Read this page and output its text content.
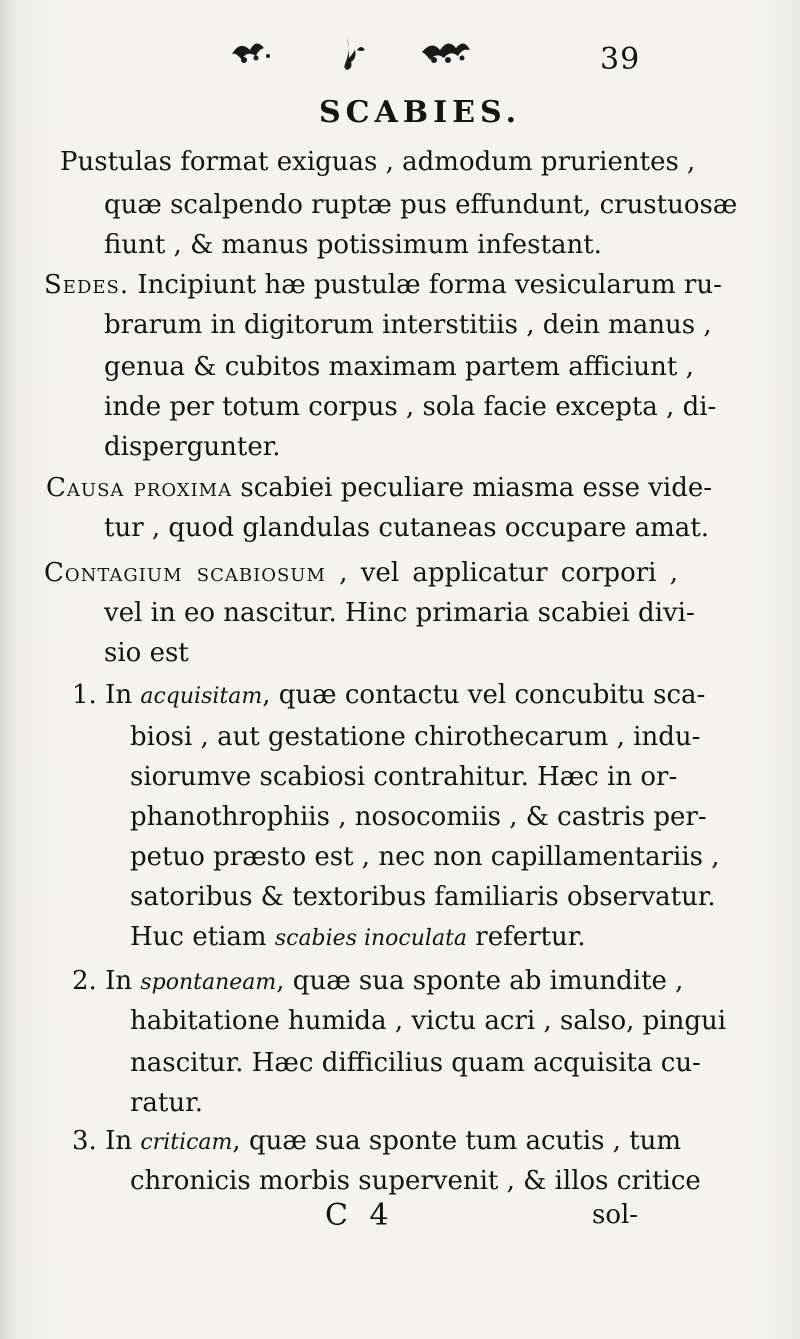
39
SCABIES.
Pustulas format exiguas , admodum prurientes ,
quæ scalpendo ruptæ pus effundunt, crustuosæ
fiunt , & manus potissimum infestant.
Sedes. Incipiunt hæ pustulæ forma vesicularum ru-
brarum in digitorum interstitiis , dein manus ,
genua & cubitos maximam partem afficiunt ,
inde per totum corpus , sola facie excepta , di-
dispergunter.
Causa proxima scabiei peculiare miasma esse vide-
tur , quod glandulas cutaneas occupare amat.
Contagium scabiosum , vel applicatur corpori ,
vel in eo nascitur. Hinc primaria scabiei divi-
sio est
1. In acquisitam, quæ contactu vel concubitu sca-
biosi , aut gestatione chirothecarum , indu-
siorumve scabiosi contrahitur. Hæc in or-
phanothrophiis , nosocomiis , & castris per-
petuo præsto est , nec non capillamentariis ,
satoribus & textoribus familiaris observatur.
Huc etiam scabies inoculata refertur.
2. In spontaneam, quæ sua sponte ab imundite ,
habitatione humida , victu acri , salso, pingui
nascitur. Hæc difficilius quam acquisita cu-
ratur.
3. In criticam, quæ sua sponte tum acutis , tum
chronicis morbis supervenit , & illos critice
C 4	sol-
